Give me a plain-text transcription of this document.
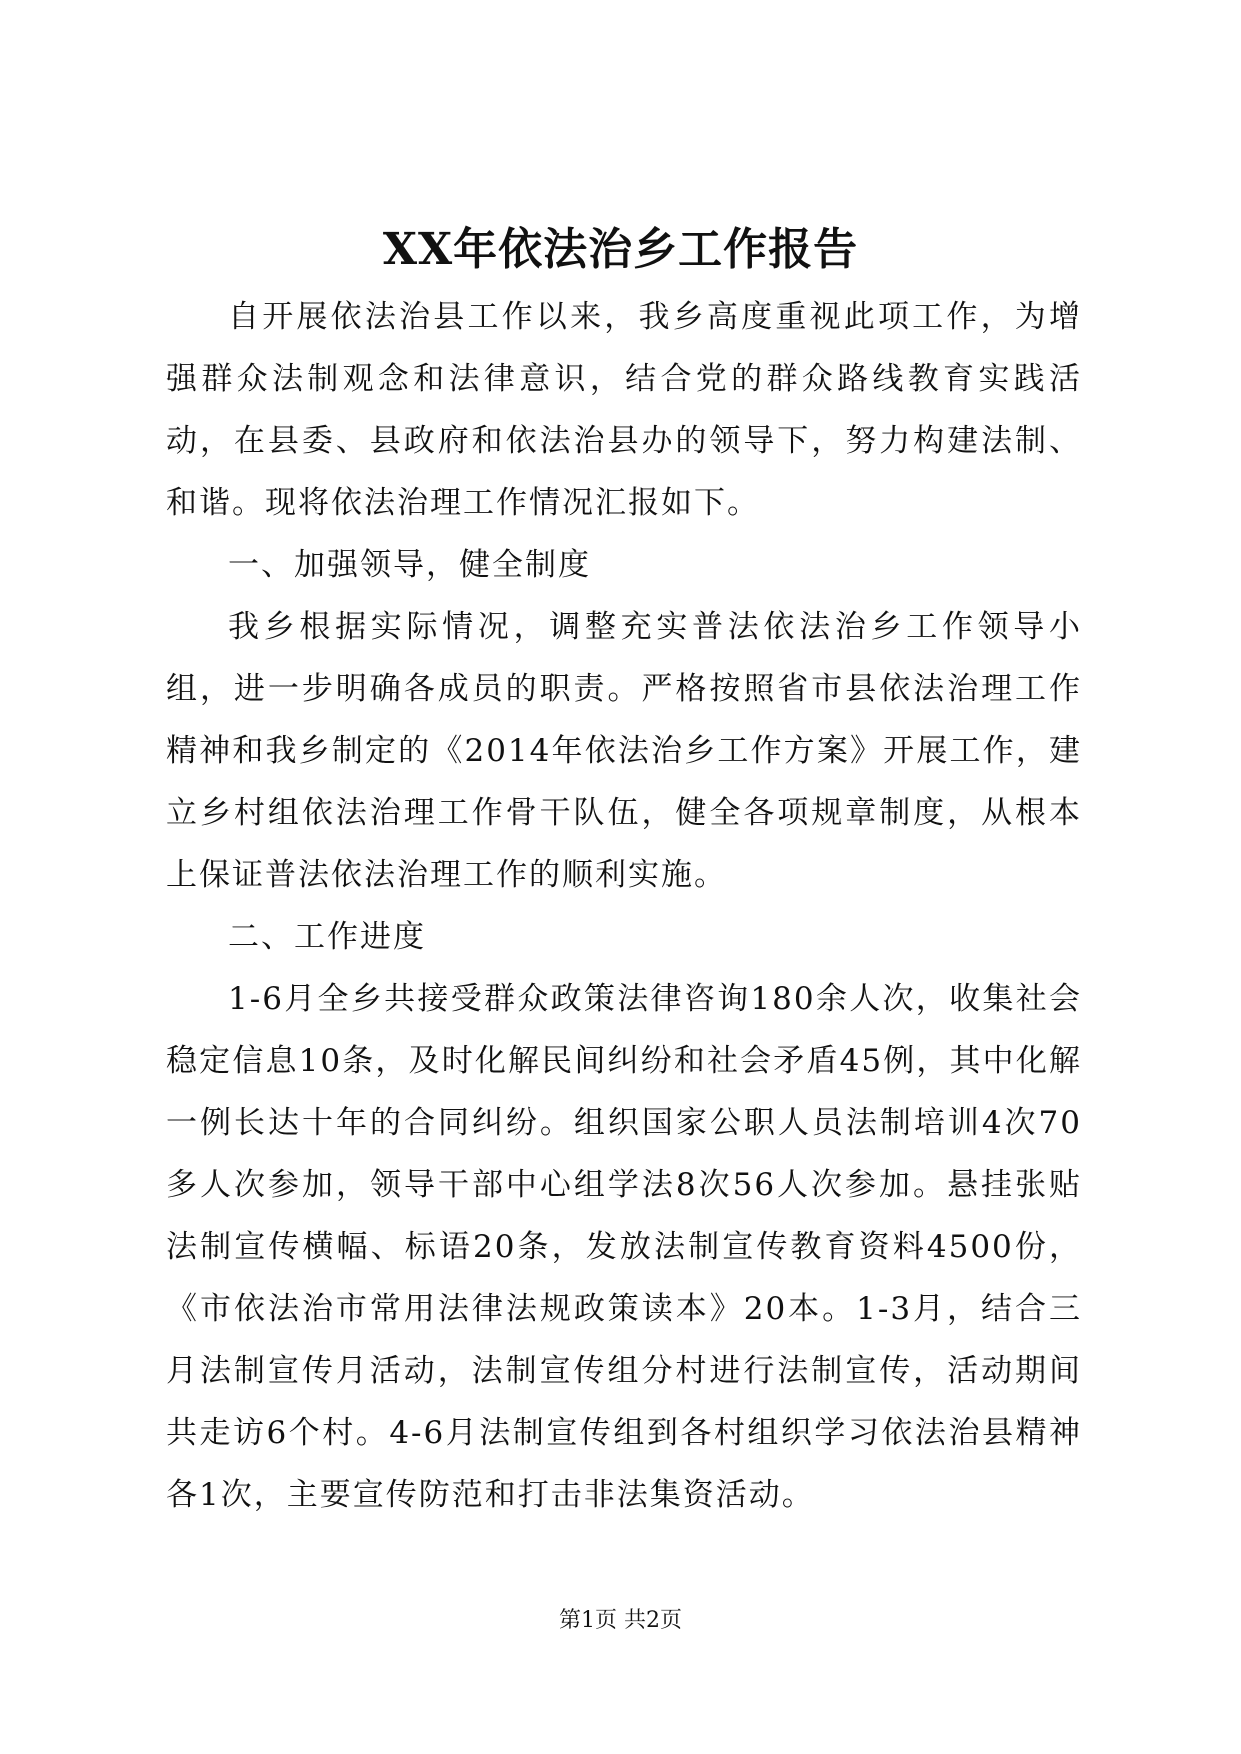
XX年依法治乡工作报告

自开展依法治县工作以来，我乡高度重视此项工作，为增强群众法制观念和法律意识，结合党的群众路线教育实践活动，在县委、县政府和依法治县办的领导下，努力构建法制、和谐。现将依法治理工作情况汇报如下。

一、加强领导，健全制度

我乡根据实际情况，调整充实普法依法治乡工作领导小组，进一步明确各成员的职责。严格按照省市县依法治理工作精神和我乡制定的《2014年依法治乡工作方案》开展工作，建立乡村组依法治理工作骨干队伍，健全各项规章制度，从根本上保证普法依法治理工作的顺利实施。

二、工作进度

1-6月全乡共接受群众政策法律咨询180余人次，收集社会稳定信息10条，及时化解民间纠纷和社会矛盾45例，其中化解一例长达十年的合同纠纷。组织国家公职人员法制培训4次70多人次参加，领导干部中心组学法8次56人次参加。悬挂张贴法制宣传横幅、标语20条，发放法制宣传教育资料4500份，《市依法治市常用法律法规政策读本》20本。1-3月，结合三月法制宣传月活动，法制宣传组分村进行法制宣传，活动期间共走访6个村。4-6月法制宣传组到各村组织学习依法治县精神各1次，主要宣传防范和打击非法集资活动。

第1页 共2页
